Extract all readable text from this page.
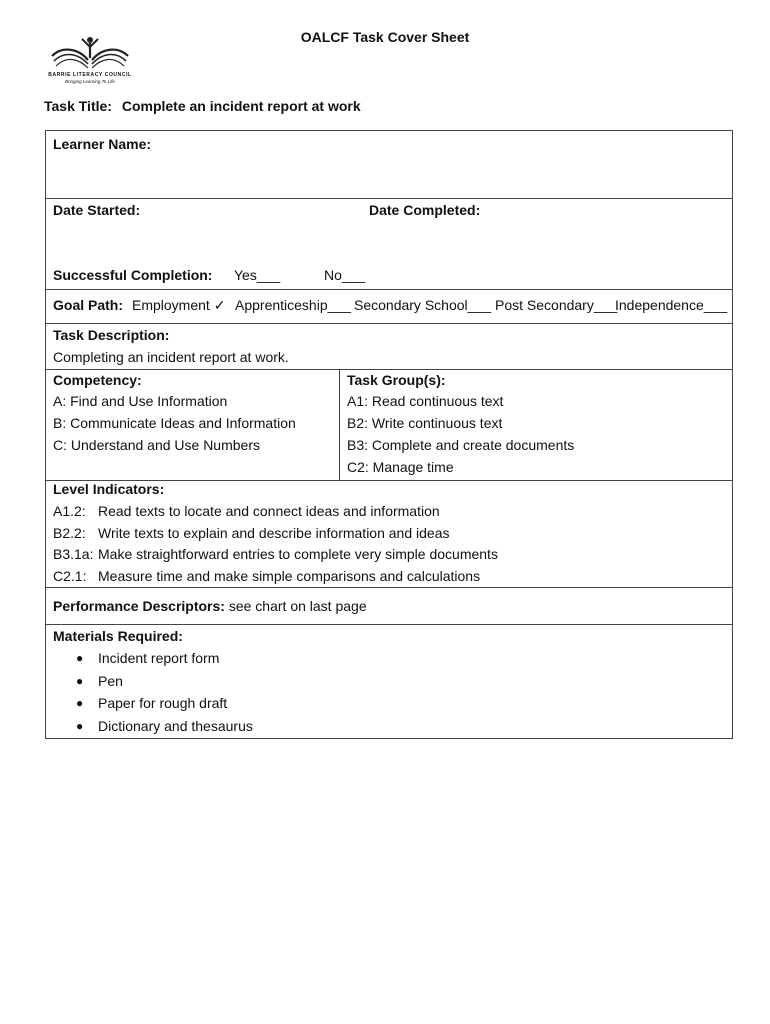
OALCF Task Cover Sheet
BARRIE LITERACY COUNCIL
Bringing Learning To Life
Task Title: Complete an incident report at work
Learner Name:
Date Started:	Date Completed:
Successful Completion: Yes___	No___
Goal Path: Employment ✓ Apprenticeship___ Secondary School___ Post Secondary___
Independence___
Task Description:
Completing an incident report at work.
Competency:
A: Find and Use Information
B: Communicate Ideas and Information
C: Understand and Use Numbers
Task Group(s):
A1: Read continuous text
B2: Write continuous text
B3: Complete and create documents
C2: Manage time
Level Indicators:
A1.2: Read texts to locate and connect ideas and information
B2.2: Write texts to explain and describe information and ideas
B3.1a: Make straightforward entries to complete very simple documents
C2.1: Measure time and make simple comparisons and calculations
Performance Descriptors: see chart on last page
Materials Required:
● Incident report form
● Pen
● Paper for rough draft
● Dictionary and thesaurus
